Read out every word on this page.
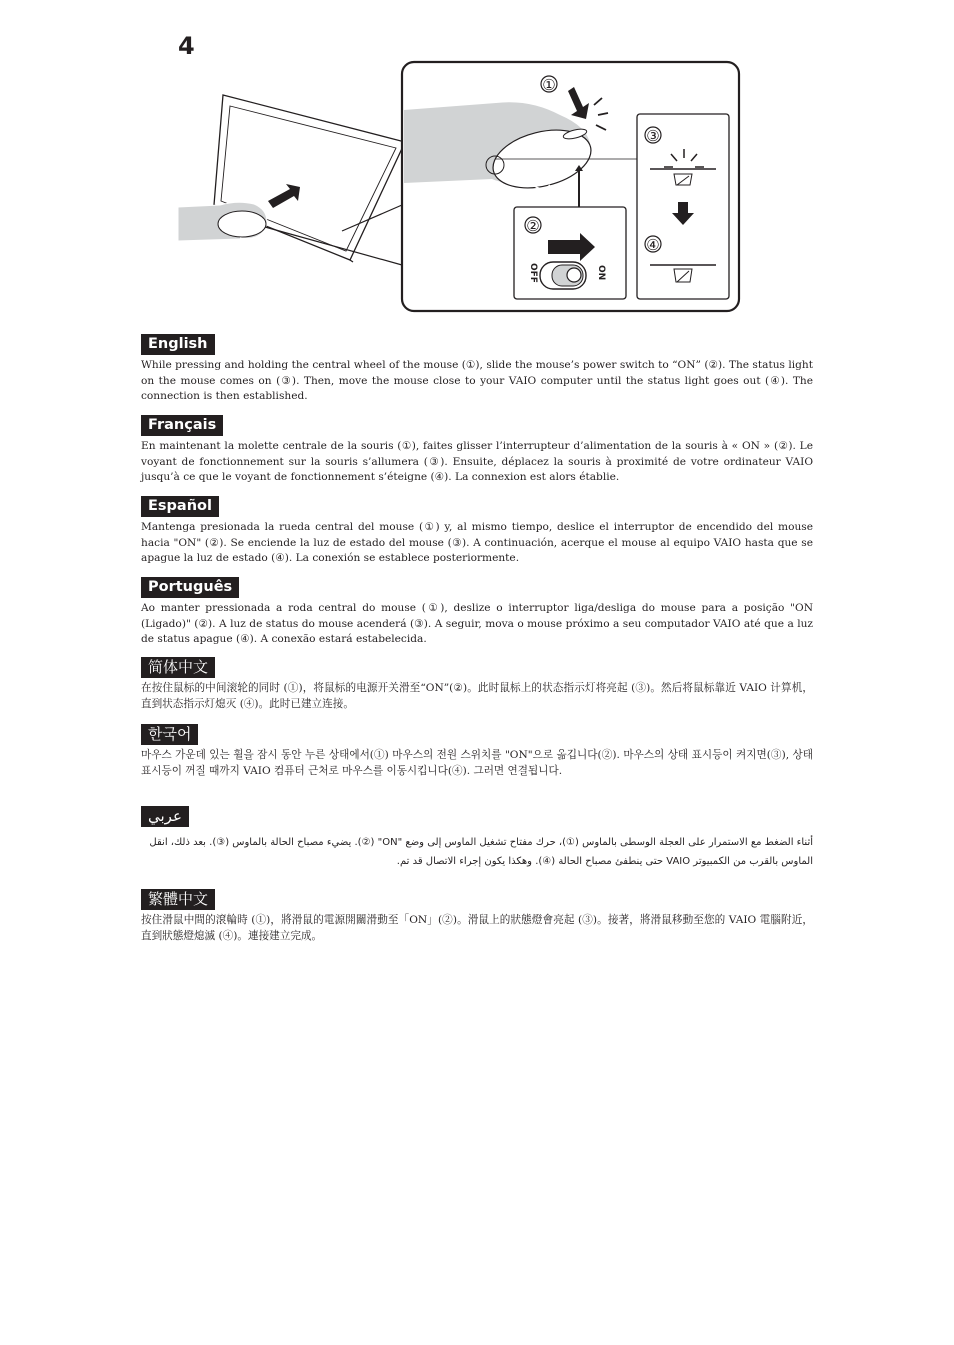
4
①
②
OFF	ON
③
④
English

While pressing and holding the central wheel of the mouse (①), slide the mouse’s power switch to “ON” (②). The status light on the mouse comes on (③). Then, move the mouse close to your VAIO computer until the status light goes out (④). The connection is then established.

Français

En maintenant la molette centrale de la souris (①), faites glisser l’interrupteur d’alimentation de la souris à « ON » (②). Le voyant de fonctionnement sur la souris s’allumera (③). Ensuite, déplacez la souris à proximité de votre ordinateur VAIO jusqu’à ce que le voyant de fonctionnement s’éteigne (④). La connexion est alors établie.

Español

Mantenga presionada la rueda central del mouse (①) y, al mismo tiempo, deslice el interruptor de encendido del mouse hacia "ON" (②). Se enciende la luz de estado del mouse (③). A continuación, acerque el mouse al equipo VAIO hasta que se apague la luz de estado (④). La conexión se establece posteriormente.

Português

Ao manter pressionada a roda central do mouse (①), deslize o interruptor liga/desliga do mouse para a posição "ON (Ligado)" (②). A luz de status do mouse acenderá (③). A seguir, mova o mouse próximo a seu computador VAIO até que a luz de status apague (④). A conexão estará estabelecida.

简体中文

在按住鼠标的中间滚轮的同时 (①)，将鼠标的电源开关滑至“ON”(②)。此时鼠标上的状态指示灯将亮起 (③)。然后将鼠标靠近 VAIO 计算机，直到状态指示灯熄灭 (④)。此时已建立连接。

한국어

마우스 가운데 있는 휠을 잠시 동안 누른 상태에서(①) 마우스의 전원 스위치를 "ON"으로 옮깁니다(②). 마우스의 상태 표시등이 켜지면(③), 상태 표시등이 꺼질 때까지 VAIO 컴퓨터 근처로 마우스를 이동시킵니다(④). 그러면 연결됩니다.

عربي

أثناء الضغط مع الاستمرار على العجلة الوسطى بالماوس (①)، حرك مفتاح تشغيل الماوس إلى وضع "ON" (②). يضيء مصباح الحالة بالماوس (③). بعد ذلك، انقل الماوس بالقرب من الكمبيوتر VAIO حتى ينطفئ مصباح الحالة (④). وهكذا يكون إجراء الاتصال قد تم.

繁體中文

按住滑鼠中間的滾輪時 (①)，將滑鼠的電源開關滑動至「ON」(②)。滑鼠上的狀態燈會亮起 (③)。接著，將滑鼠移動至您的 VAIO 電腦附近，直到狀態燈熄滅 (④)。連接建立完成。
